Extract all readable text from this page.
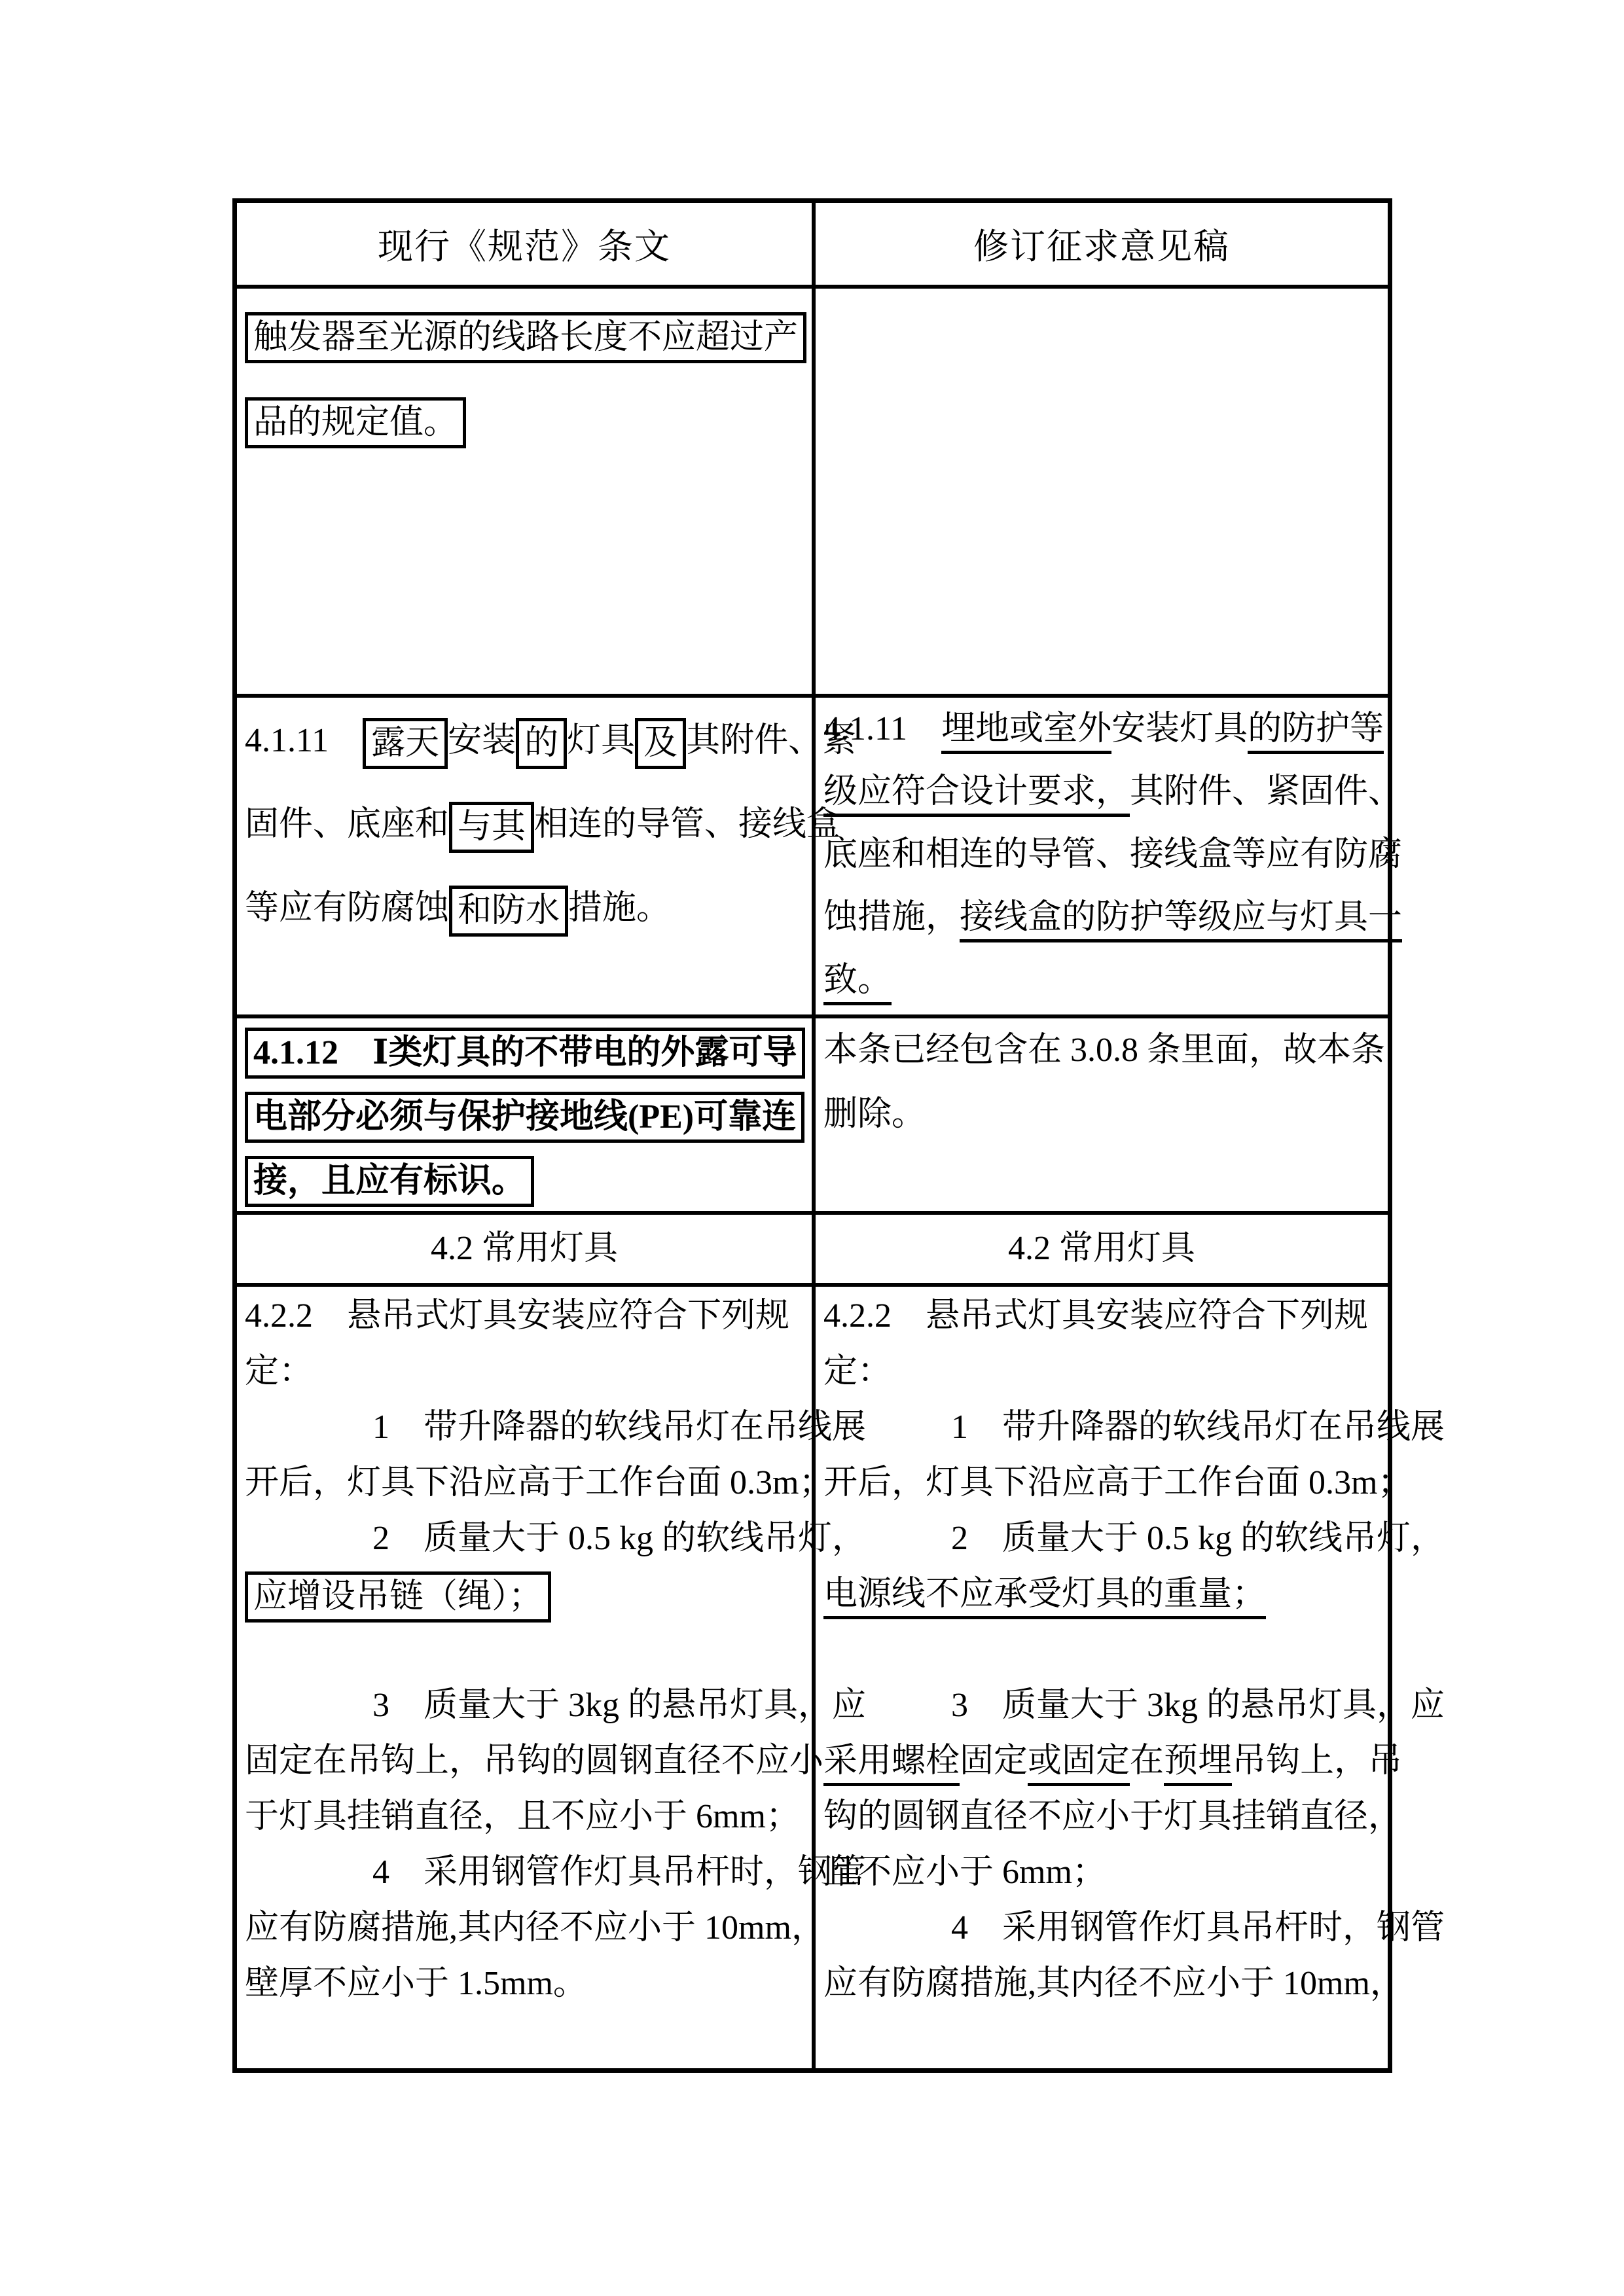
现行《规范》条文	修订征求意见稿
触发器至光源的线路长度不应超过产
品的规定值。
4.1.11　露天 安装 的 灯具 及 其附件、紧
固件、底座和 与其 相连的导管、接线盒
等应有防腐蚀 和防水 措施。
4.1.11　埋地或室外安装灯具的防护等
级应符合设计要求，其附件、紧固件、
底座和相连的导管、接线盒等应有防腐
蚀措施，接线盒的防护等级应与灯具一
致。
4.1.12　Ⅰ类灯具的不带电的外露可导
电部分必须与保护接地线(PE)可靠连
接，且应有标识。
本条已经包含在 3.0.8 条里面，故本条
删除。
4.2 常用灯具	4.2 常用灯具
4.2.2　悬吊式灯具安装应符合下列规
定：
1　带升降器的软线吊灯在吊线展
开后，灯具下沿应高于工作台面 0.3m；
2　质量大于 0.5 kg 的软线吊灯，
应增设吊链（绳）；
3　质量大于 3kg 的悬吊灯具，应
固定在吊钩上，吊钩的圆钢直径不应小
于灯具挂销直径，且不应小于 6mm；
4　采用钢管作灯具吊杆时，钢管
应有防腐措施,其内径不应小于 10mm，
壁厚不应小于 1.5mm。
4.2.2　悬吊式灯具安装应符合下列规
定：
1　带升降器的软线吊灯在吊线展
开后，灯具下沿应高于工作台面 0.3m；
2　质量大于 0.5 kg 的软线吊灯，
电源线不应承受灯具的重量；
3　质量大于 3kg 的悬吊灯具，应
采用螺栓固定或固定在预埋吊钩上，吊
钩的圆钢直径不应小于灯具挂销直径，
且不应小于 6mm；
4　采用钢管作灯具吊杆时，钢管
应有防腐措施,其内径不应小于 10mm，
